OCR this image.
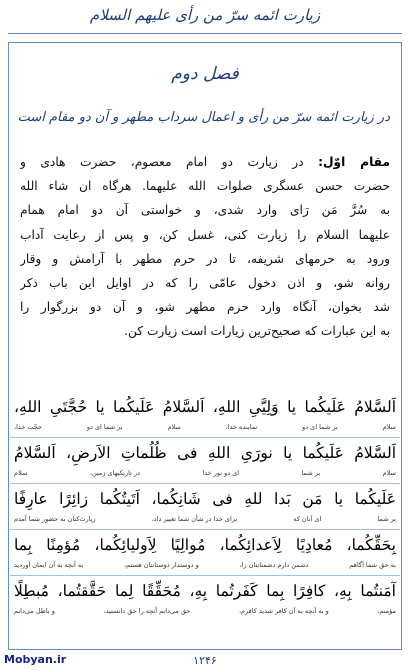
زیارت ائمه سرّ من رأی علیهم السلام
فصل دوم
در زیارت ائمه سرّ من رأی و اعمال سرداب مطهر و آن دو مقام است
مقام اوّل: در زیارت دو امام معصوم، حضرت هادی و
حضرت حسن عسگری صلوات الله علیهما. هرگاه ان شاء الله
به سُرَّ مَن رَای وارد شدی، و خواستی آن دو امام همام
علیهما السلام را زیارت کنی، غسل کن، و پس از رعایت آداب
ورود به حرمهای شریفه، تا در حرم مطهر با آرامش و وقار
روانه شو، و اذن دخول عامّی را که در اوایل این باب ذکر
شد بخوان، آنگاه وارد حرم مطهر شو، و آن دو بزرگوار را
به این عبارات که صحیح‌ترین زیارات است زیارت کن.
اَلسَّلامُ عَلَیکُما یا وَلِیَّیِ اللهِ، اَلسَّلامُ عَلَیکُما یا حُجَّتَیِ اللهِ،
سلام
بر شما ای دو
نماینده خدا،
سلام
بر شما ای دو
حجّت خدا،
اَلسَّلامُ عَلَیکُما یا نورَیِ اللهِ فی ظُلُماتِ الاَرضِ، اَلسَّلامُ
سلام
بر شما
ای دو نور خدا
در تاریکیهای زمین،
سلام
عَلَیکُما یا مَن بَدا للهِ فی شَانِکُما، اَتَیتُکُما زائِرًا عارِفًا
بر شما
ای آنان که
برای خدا در شأن شما تغییر داد،
زیارت‌کنان به حضور شما آمدم
بِحَقِّکُما، مُعادِیًا لِاَعدائِکُما، مُوالِیًا لِاَولیائِکُما، مُؤمِنًا بِما
به حق شما آگاهم
دشمن دارم دشمنانتان را،
و دوستدار دوستانتان هستم،
به آنچه به آن ایمان آوردید
آمَنتُما بِهِ، کافِرًا بِما کَفَرتُما بِهِ، مُحَقِّقًا لِما حَقَّقتُما، مُبطِلًا
مؤمنم،
و به آنچه به آن کافر شدید کافرم،
حق می‌دانم آنچه را حق دانستید،
و باطل می‌دانم
Mobyan.ir	۱۲۴۶
